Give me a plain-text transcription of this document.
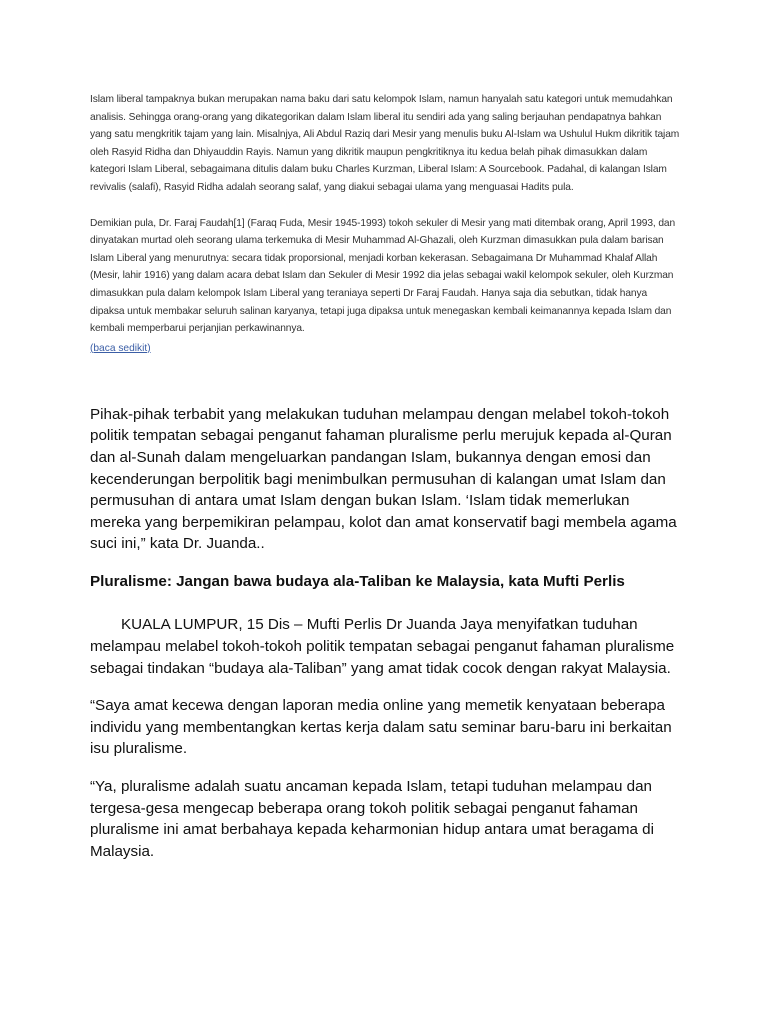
Islam liberal tampaknya bukan merupakan nama baku dari satu kelompok Islam, namun hanyalah satu kategori untuk memudahkan analisis. Sehingga orang-orang yang dikategorikan dalam Islam liberal itu sendiri ada yang saling berjauhan pendapatnya bahkan yang satu mengkritik tajam yang lain. Misalnjya, Ali Abdul Raziq dari Mesir yang menulis buku Al-Islam wa Ushulul Hukm dikritik tajam oleh Rasyid Ridha dan Dhiyauddin Rayis. Namun yang dikritik maupun pengkritiknya itu kedua belah pihak dimasukkan dalam kategori Islam Liberal, sebagaimana ditulis dalam buku Charles Kurzman, Liberal Islam: A Sourcebook. Padahal, di kalangan Islam revivalis (salafi), Rasyid Ridha adalah seorang salaf, yang diakui sebagai ulama yang menguasai Hadits pula.

Demikian pula, Dr. Faraj Faudah[1] (Faraq Fuda, Mesir 1945-1993) tokoh sekuler di Mesir yang mati ditembak orang, April 1993, dan dinyatakan murtad oleh seorang ulama terkemuka di Mesir Muhammad Al-Ghazali, oleh Kurzman dimasukkan pula dalam barisan Islam Liberal yang menurutnya: secara tidak proporsional, menjadi korban kekerasan. Sebagaimana Dr Muhammad Khalaf Allah (Mesir, lahir 1916) yang dalam acara debat Islam dan Sekuler di Mesir 1992 dia jelas sebagai wakil kelompok sekuler, oleh Kurzman dimasukkan pula dalam kelompok Islam Liberal yang teraniaya seperti Dr Faraj Faudah. Hanya saja dia sebutkan, tidak hanya dipaksa untuk membakar seluruh salinan karyanya, tetapi juga dipaksa untuk menegaskan kembali keimanannya kepada Islam dan kembali memperbarui perjanjian perkawinannya.

(baca sedikit)

Pihak-pihak terbabit yang melakukan tuduhan melampau dengan melabel tokoh-tokoh politik tempatan sebagai penganut fahaman pluralisme perlu merujuk kepada al-Quran dan al-Sunah dalam mengeluarkan pandangan Islam, bukannya dengan emosi dan kecenderungan berpolitik bagi menimbulkan permusuhan di kalangan umat Islam dan permusuhan di antara umat Islam dengan bukan Islam. ‘Islam tidak memerlukan mereka yang berpemikiran pelampau, kolot dan amat konservatif bagi membela agama suci ini,” kata Dr. Juanda..

Pluralisme: Jangan bawa budaya ala-Taliban ke Malaysia, kata Mufti Perlis

KUALA LUMPUR, 15 Dis – Mufti Perlis Dr Juanda Jaya menyifatkan tuduhan melampau melabel tokoh-tokoh politik tempatan sebagai penganut fahaman pluralisme sebagai tindakan “budaya ala-Taliban” yang amat tidak cocok dengan rakyat Malaysia.

“Saya amat kecewa dengan laporan media online yang memetik kenyataan beberapa individu yang membentangkan kertas kerja dalam satu seminar baru-baru ini berkaitan isu pluralisme.

“Ya, pluralisme adalah suatu ancaman kepada Islam, tetapi tuduhan melampau dan tergesa-gesa mengecap beberapa orang tokoh politik sebagai penganut fahaman pluralisme ini amat berbahaya kepada keharmonian hidup antara umat beragama di Malaysia.
